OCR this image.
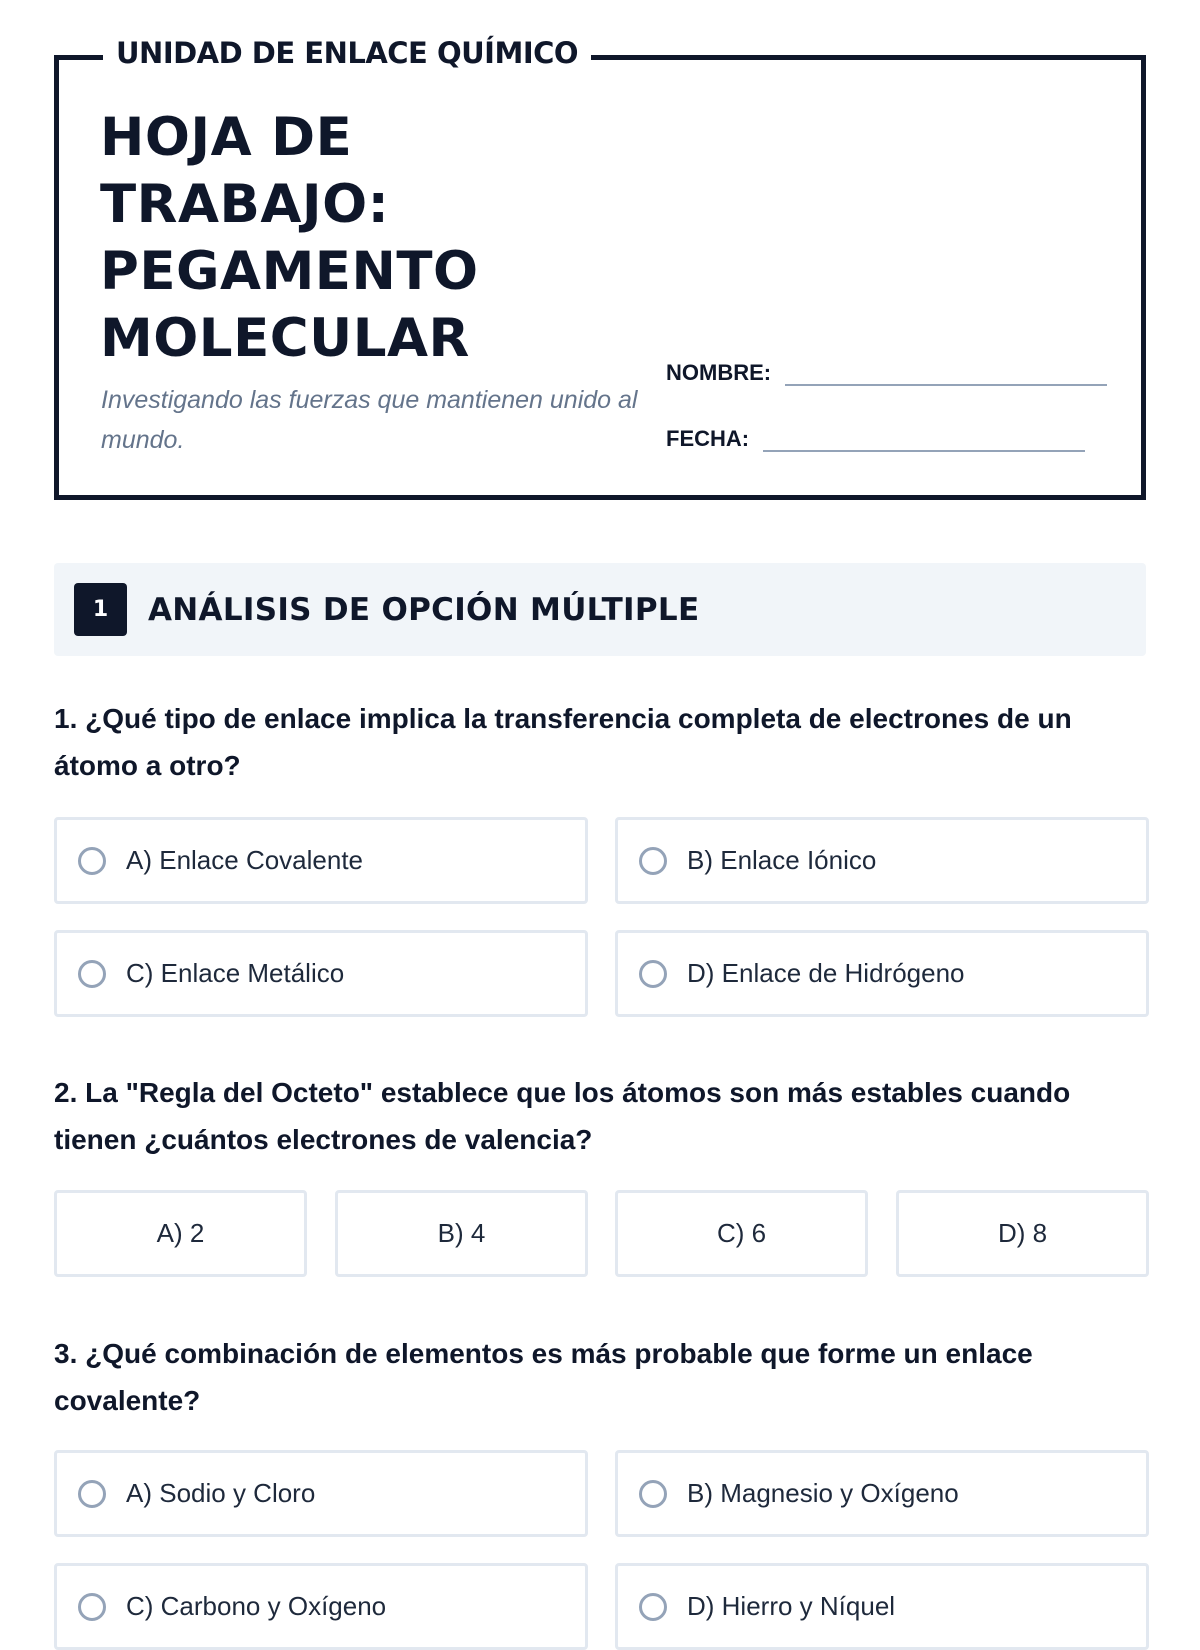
UNIDAD DE ENLACE QUÍMICO
HOJA DE TRABAJO: PEGAMENTO MOLECULAR
Investigando las fuerzas que mantienen unido al mundo.
NOMBRE:
FECHA:
1	ANÁLISIS DE OPCIÓN MÚLTIPLE

1. ¿Qué tipo de enlace implica la transferencia completa de electrones de un átomo a otro?

A) Enlace Covalente	B) Enlace Iónico
C) Enlace Metálico	D) Enlace de Hidrógeno

2. La "Regla del Octeto" establece que los átomos son más estables cuando tienen ¿cuántos electrones de valencia?

A) 2	B) 4	C) 6	D) 8

3. ¿Qué combinación de elementos es más probable que forme un enlace covalente?

A) Sodio y Cloro	B) Magnesio y Oxígeno
C) Carbono y Oxígeno	D) Hierro y Níquel
